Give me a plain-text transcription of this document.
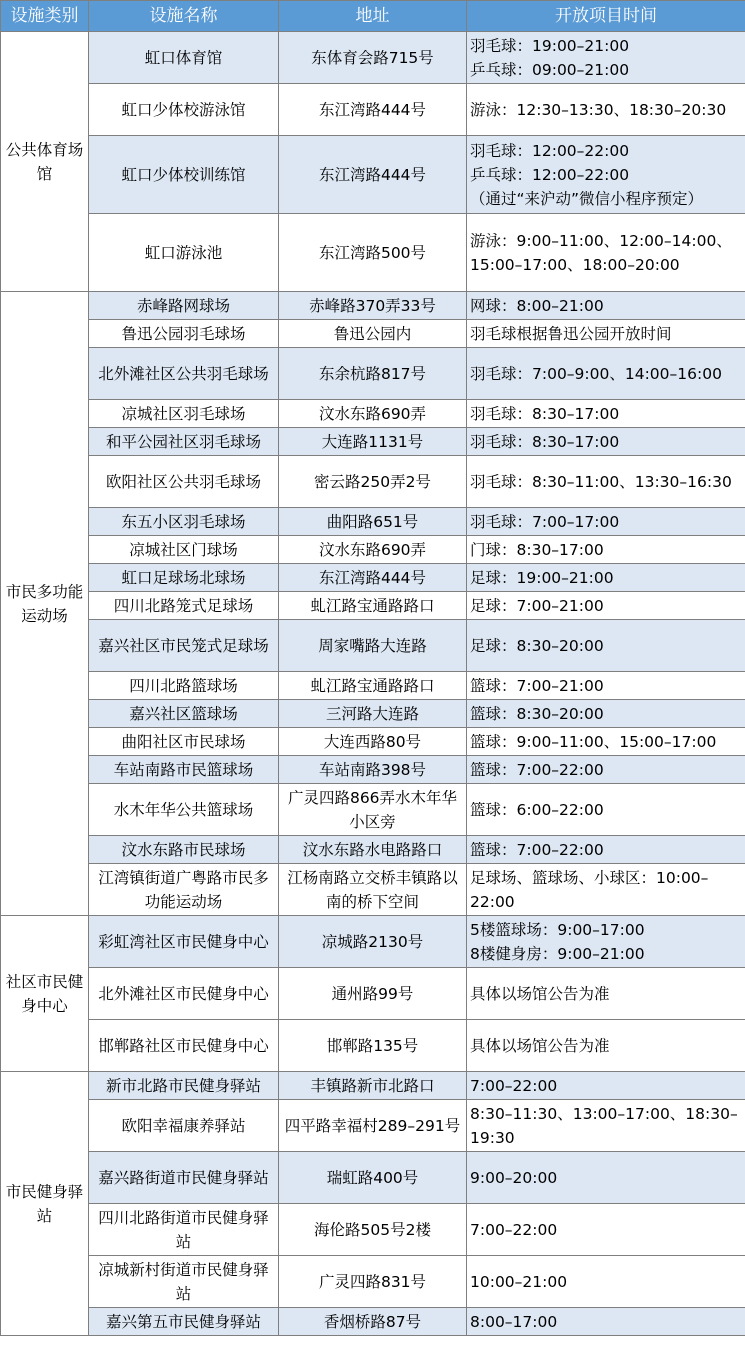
设施类别	设施名称	地址	开放项目时间
公共体育场馆	虹口体育馆	东体育会路715号	羽毛球：19:00–21:00
乒乓球：09:00–21:00
	虹口少体校游泳馆	东江湾路444号	游泳：12:30–13:30、18:30–20:30
	虹口少体校训练馆	东江湾路444号	羽毛球：12:00–22:00
乒乓球：12:00–22:00
（通过“来沪动”微信小程序预定）
	虹口游泳池	东江湾路500号	游泳：9:00–11:00、12:00–14:00、15:00–17:00、18:00–20:00
市民多功能运动场	赤峰路网球场	赤峰路370弄33号	网球：8:00–21:00
	鲁迅公园羽毛球场	鲁迅公园内	羽毛球根据鲁迅公园开放时间
	北外滩社区公共羽毛球场	东余杭路817号	羽毛球：7:00–9:00、14:00–16:00
	凉城社区羽毛球场	汶水东路690弄	羽毛球：8:30–17:00
	和平公园社区羽毛球场	大连路1131号	羽毛球：8:30–17:00
	欧阳社区公共羽毛球场	密云路250弄2号	羽毛球：8:30–11:00、13:30–16:30
	东五小区羽毛球场	曲阳路651号	羽毛球：7:00–17:00
	凉城社区门球场	汶水东路690弄	门球：8:30–17:00
	虹口足球场北球场	东江湾路444号	足球：19:00–21:00
	四川北路笼式足球场	虬江路宝通路路口	足球：7:00–21:00
	嘉兴社区市民笼式足球场	周家嘴路大连路	足球：8:30–20:00
	四川北路篮球场	虬江路宝通路路口	篮球：7:00–21:00
	嘉兴社区篮球场	三河路大连路	篮球：8:30–20:00
	曲阳社区市民球场	大连西路80号	篮球：9:00–11:00、15:00–17:00
	车站南路市民篮球场	车站南路398号	篮球：7:00–22:00
	水木年华公共篮球场	广灵四路866弄水木年华小区旁	篮球：6:00–22:00
	汶水东路市民球场	汶水东路水电路路口	篮球：7:00–22:00
	江湾镇街道广粤路市民多功能运动场	江杨南路立交桥丰镇路以南的桥下空间	足球场、篮球场、小球区：10:00–22:00
社区市民健身中心	彩虹湾社区市民健身中心	凉城路2130号	5楼篮球场：9:00–17:00
8楼健身房：9:00–21:00
	北外滩社区市民健身中心	通州路99号	具体以场馆公告为准
	邯郸路社区市民健身中心	邯郸路135号	具体以场馆公告为准
市民健身驿站	新市北路市民健身驿站	丰镇路新市北路口	7:00–22:00
	欧阳幸福康养驿站	四平路幸福村289–291号	8:30–11:30、13:00–17:00、18:30–19:30
	嘉兴路街道市民健身驿站	瑞虹路400号	9:00–20:00
	四川北路街道市民健身驿站	海伦路505号2楼	7:00–22:00
	凉城新村街道市民健身驿站	广灵四路831号	10:00–21:00
	嘉兴第五市民健身驿站	香烟桥路87号	8:00–17:00
